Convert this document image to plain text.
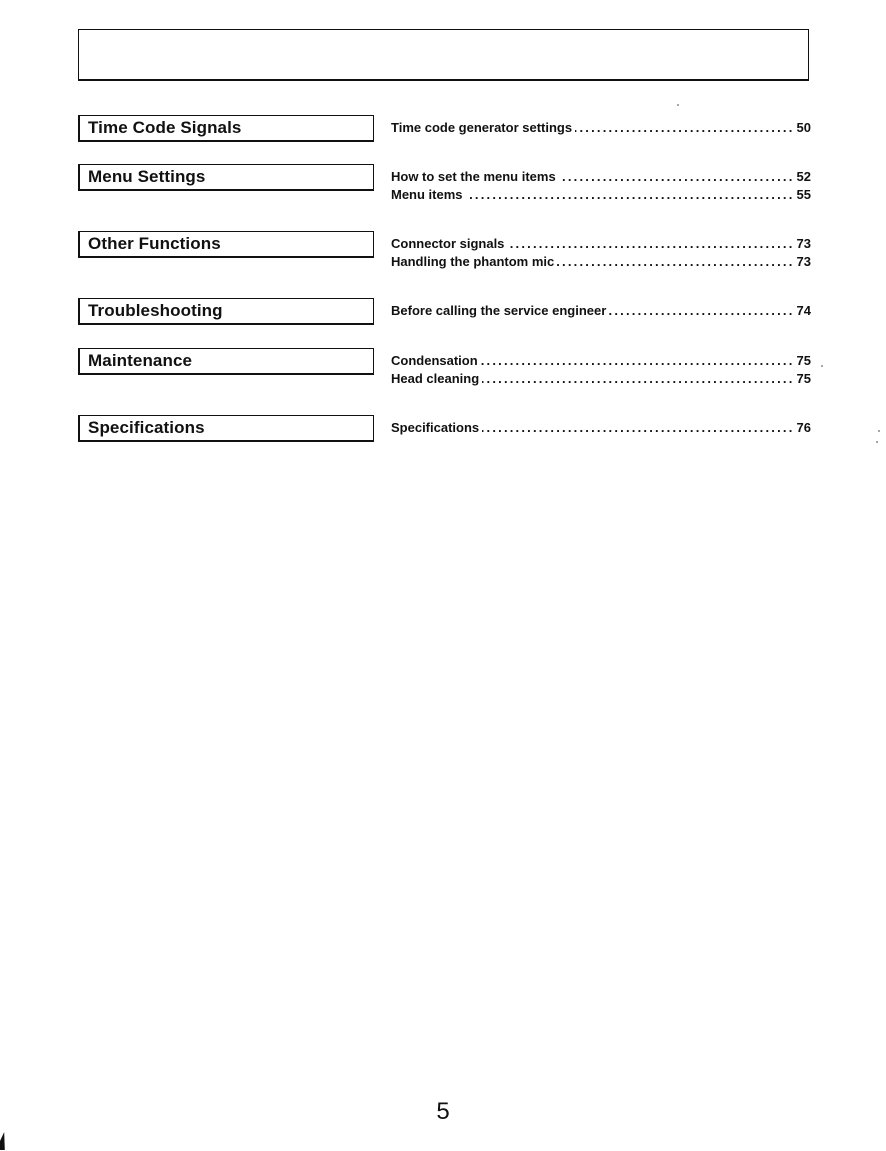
Time Code Signals	Time code generator settings .....	50
Menu Settings	How to set the menu items .....	52
Menu items .....	55
Other Functions	Connector signals .....	73
Handling the phantom mic .....	73
Troubleshooting	Before calling the service engineer .....	74
Maintenance	Condensation .....	75
Head cleaning .....	75
Specifications	Specifications .....	76
5
